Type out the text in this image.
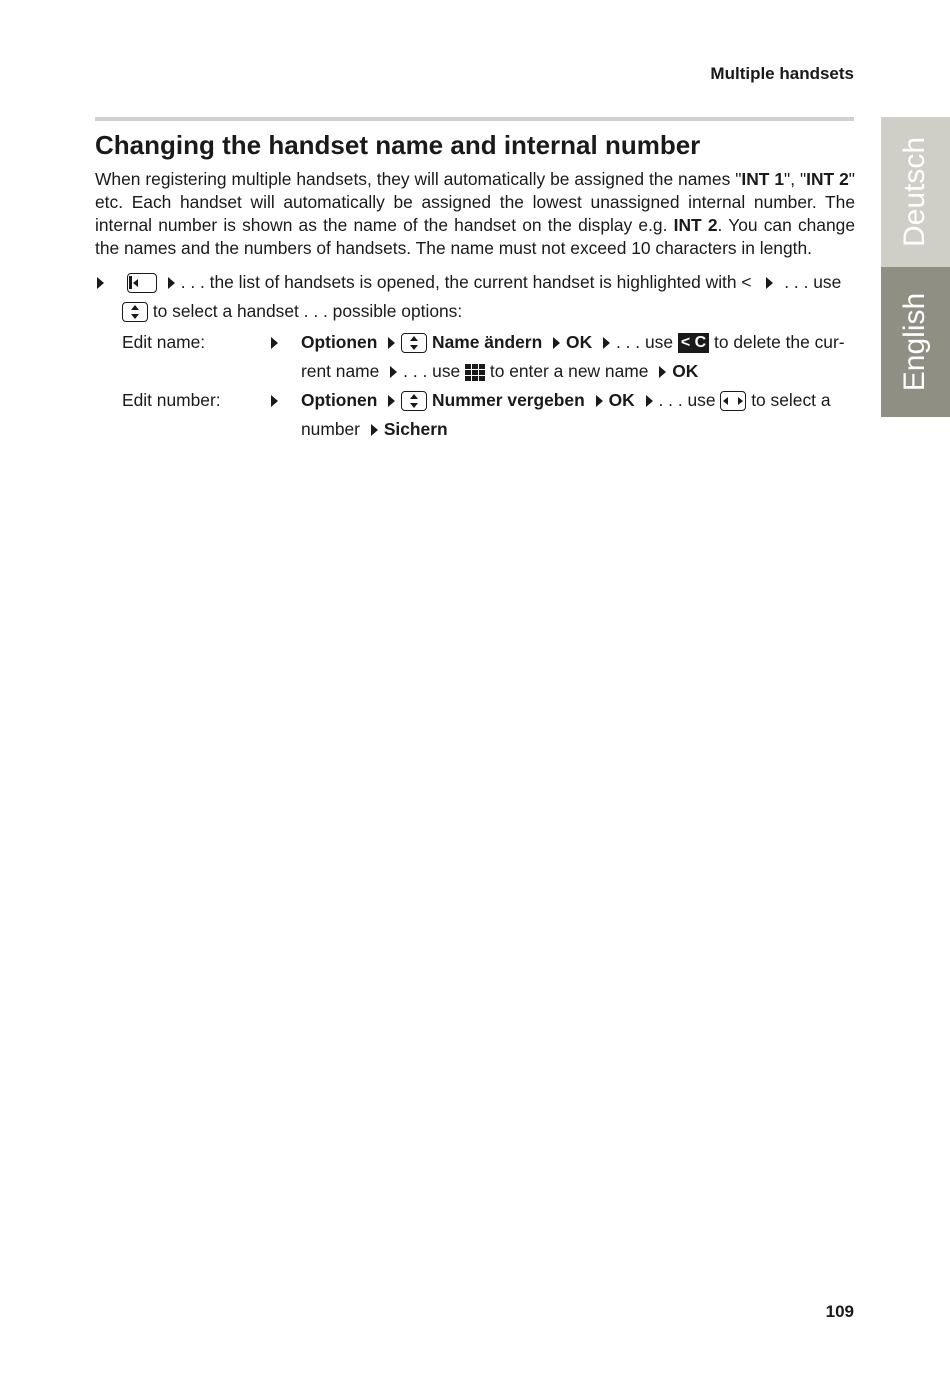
Multiple handsets
Deutsch
English
Changing the handset name and internal number

When registering multiple handsets, they will automatically be assigned the names "INT 1", "INT 2" etc. Each handset will automatically be assigned the lowest unassigned internal number. The internal number is shown as the name of the handset on the display e.g. INT 2. You can change the names and the numbers of handsets. The name must not exceed 10 characters in length.

. . . the list of handsets is opened, the current handset is highlighted with < . . . use
to select a handset . . . possible options:
Edit name:	Optionen	Name ändern OK . . . use < C to delete the cur-
rent name . . . use to enter a new name OK
Edit number:	Optionen	Nummer vergeben OK . . . use to select a
number Sichern
109
